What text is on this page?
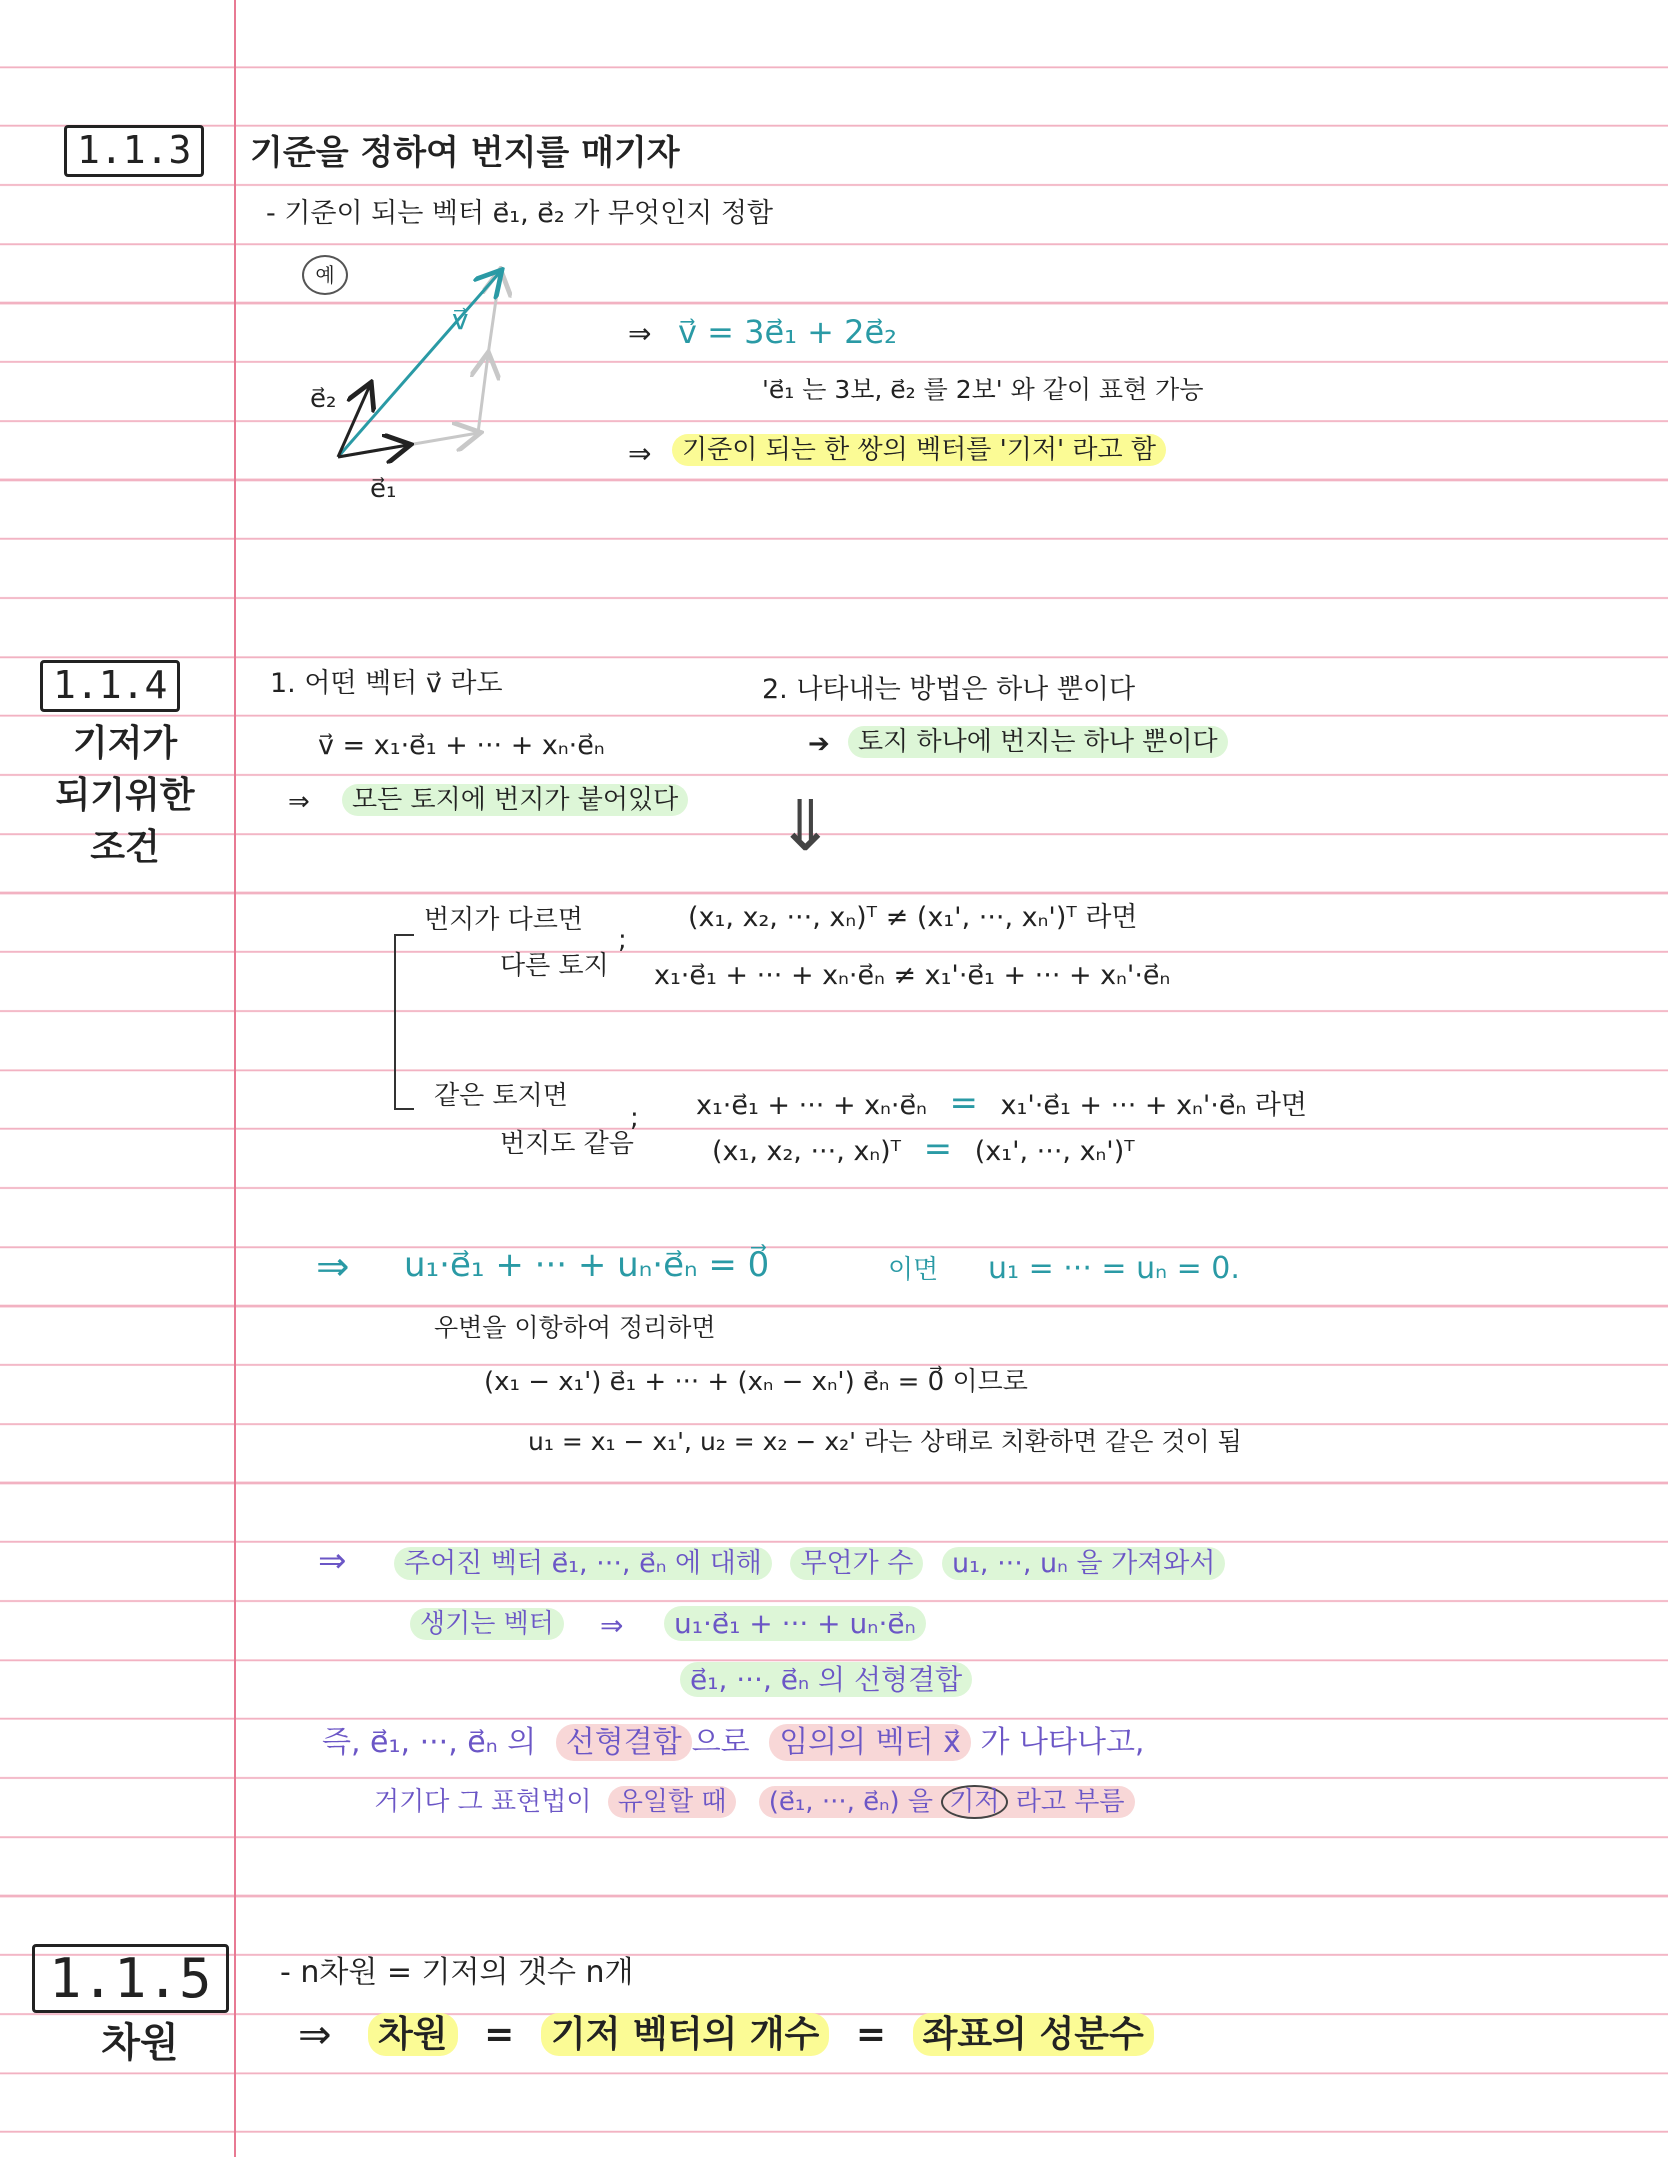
1.1.3	기준을 정하여 번지를 매기자
- 기준이 되는 벡터 e⃗₁, e⃗₂ 가 무엇인지 정함
예
v⃗
e⃗₂
e⃗₁
⇒ v⃗ = 3e⃗₁ + 2e⃗₂
'e⃗₁ 는 3보, e⃗₂ 를 2보' 와 같이 표현 가능
⇒	기준이 되는 한 쌍의 벡터를 '기저' 라고 함
1.1.4
기저가
되기위한
조건
1. 어떤 벡터 v⃗ 라도
v⃗ = x₁·e⃗₁ + ··· + xₙ·e⃗ₙ
⇒	모든 토지에 번지가 붙어있다
2. 나타내는 방법은 하나 뿐이다
➔	토지 하나에 번지는 하나 뿐이다
⇓
번지가 다르면
다른 토지
;
(x₁, x₂, ···, xₙ)ᵀ ≠ (x₁', ···, xₙ')ᵀ 라면
x₁·e⃗₁ + ··· + xₙ·e⃗ₙ ≠ x₁'·e⃗₁ + ··· + xₙ'·e⃗ₙ
같은 토지면
번지도 같음
; x₁·e⃗₁ + ··· + xₙ·e⃗ₙ = x₁'·e⃗₁ + ··· + xₙ'·e⃗ₙ 라면
(x₁, x₂, ···, xₙ)ᵀ = (x₁', ···, xₙ')ᵀ
⇒ u₁·e⃗₁ + ··· + uₙ·e⃗ₙ = 0⃗	이면 u₁ = ··· = uₙ = 0.
우변을 이항하여 정리하면
(x₁ − x₁') e⃗₁ + ··· + (xₙ − xₙ') e⃗ₙ = 0⃗ 이므로
u₁ = x₁ − x₁', u₂ = x₂ − x₂' 라는 상태로 치환하면 같은 것이 됨
⇒	주어진 벡터 e⃗₁, ···, e⃗ₙ 에 대해 무언가 수 u₁, ···, uₙ 을 가져와서
생기는 벡터	⇒	u₁·e⃗₁ + ··· + uₙ·e⃗ₙ
e⃗₁, ···, e⃗ₙ 의 선형결합
즉, e⃗₁, ···, e⃗ₙ 의 선형결합 으로 임의의 벡터 x⃗ 가 나타나고,
거기다 그 표현법이 유일할 때 (e⃗₁, ···, e⃗ₙ) 을 기저 라고 부름
1.1.5
차원
- n차원 = 기저의 갯수 n개
⇒ 차원 = 기저 벡터의 개수 = 좌표의 성분수
